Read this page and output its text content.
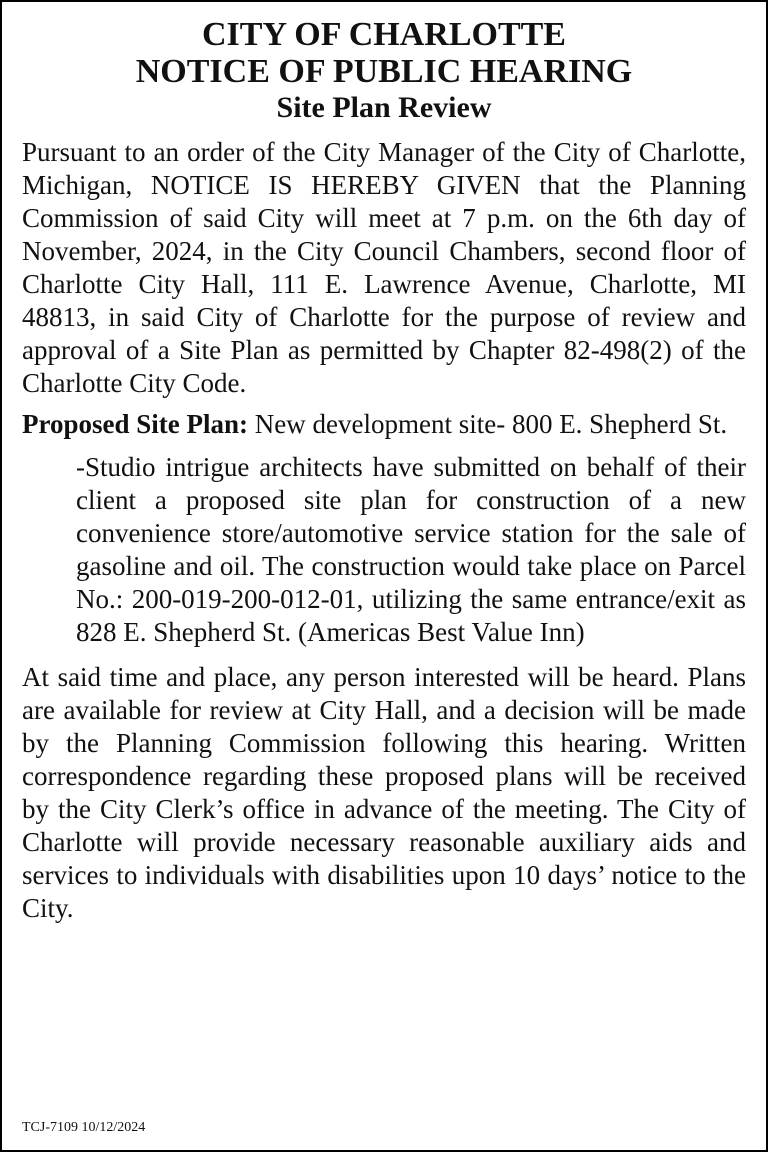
CITY OF CHARLOTTE
NOTICE OF PUBLIC HEARING
Site Plan Review

Pursuant to an order of the City Manager of the City of Charlotte, Michigan, NOTICE IS HEREBY GIVEN that the Planning Commission of said City will meet at 7 p.m. on the 6th day of November, 2024, in the City Council Chambers, second floor of Charlotte City Hall, 111 E. Lawrence Avenue, Charlotte, MI 48813, in said City of Charlotte for the purpose of review and approval of a Site Plan as permitted by Chapter 82-498(2) of the Charlotte City Code.

Proposed Site Plan: New development site- 800 E. Shepherd St.

-Studio intrigue architects have submitted on behalf of their client a proposed site plan for construction of a new convenience store/automotive service station for the sale of gasoline and oil. The construction would take place on Parcel No.: 200-019-200-012-01, utilizing the same entrance/exit as 828 E. Shepherd St. (Americas Best Value Inn)

At said time and place, any person interested will be heard. Plans are available for review at City Hall, and a decision will be made by the Planning Commission following this hearing. Written correspondence regarding these proposed plans will be received by the City Clerk’s office in advance of the meeting. The City of Charlotte will provide necessary reasonable auxiliary aids and services to individuals with disabilities upon 10 days’ notice to the City.

TCJ-7109 10/12/2024
